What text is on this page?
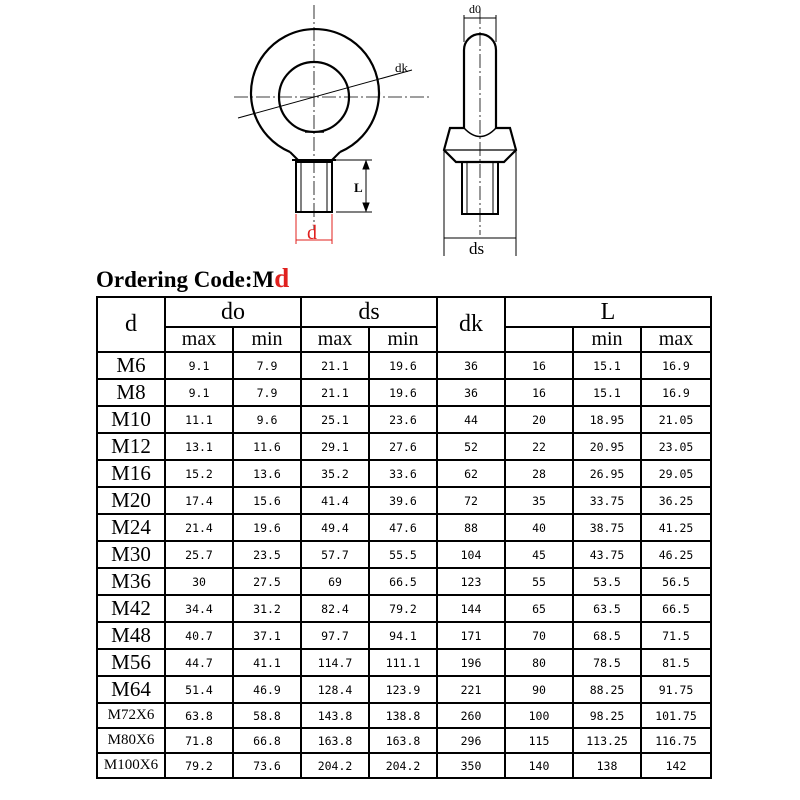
dk
L
d
d0
ds
Ordering Code:Md
d	do		ds		dk	L		
	max	min	max	min			min	max
M6	9.1	7.9	21.1	19.6	36	16	15.1	16.9
M8	9.1	7.9	21.1	19.6	36	16	15.1	16.9
M10	11.1	9.6	25.1	23.6	44	20	18.95	21.05
M12	13.1	11.6	29.1	27.6	52	22	20.95	23.05
M16	15.2	13.6	35.2	33.6	62	28	26.95	29.05
M20	17.4	15.6	41.4	39.6	72	35	33.75	36.25
M24	21.4	19.6	49.4	47.6	88	40	38.75	41.25
M30	25.7	23.5	57.7	55.5	104	45	43.75	46.25
M36	30	27.5	69	66.5	123	55	53.5	56.5
M42	34.4	31.2	82.4	79.2	144	65	63.5	66.5
M48	40.7	37.1	97.7	94.1	171	70	68.5	71.5
M56	44.7	41.1	114.7	111.1	196	80	78.5	81.5
M64	51.4	46.9	128.4	123.9	221	90	88.25	91.75
M72X6	63.8	58.8	143.8	138.8	260	100	98.25	101.75
M80X6	71.8	66.8	163.8	163.8	296	115	113.25	116.75
M100X6	79.2	73.6	204.2	204.2	350	140	138	142
